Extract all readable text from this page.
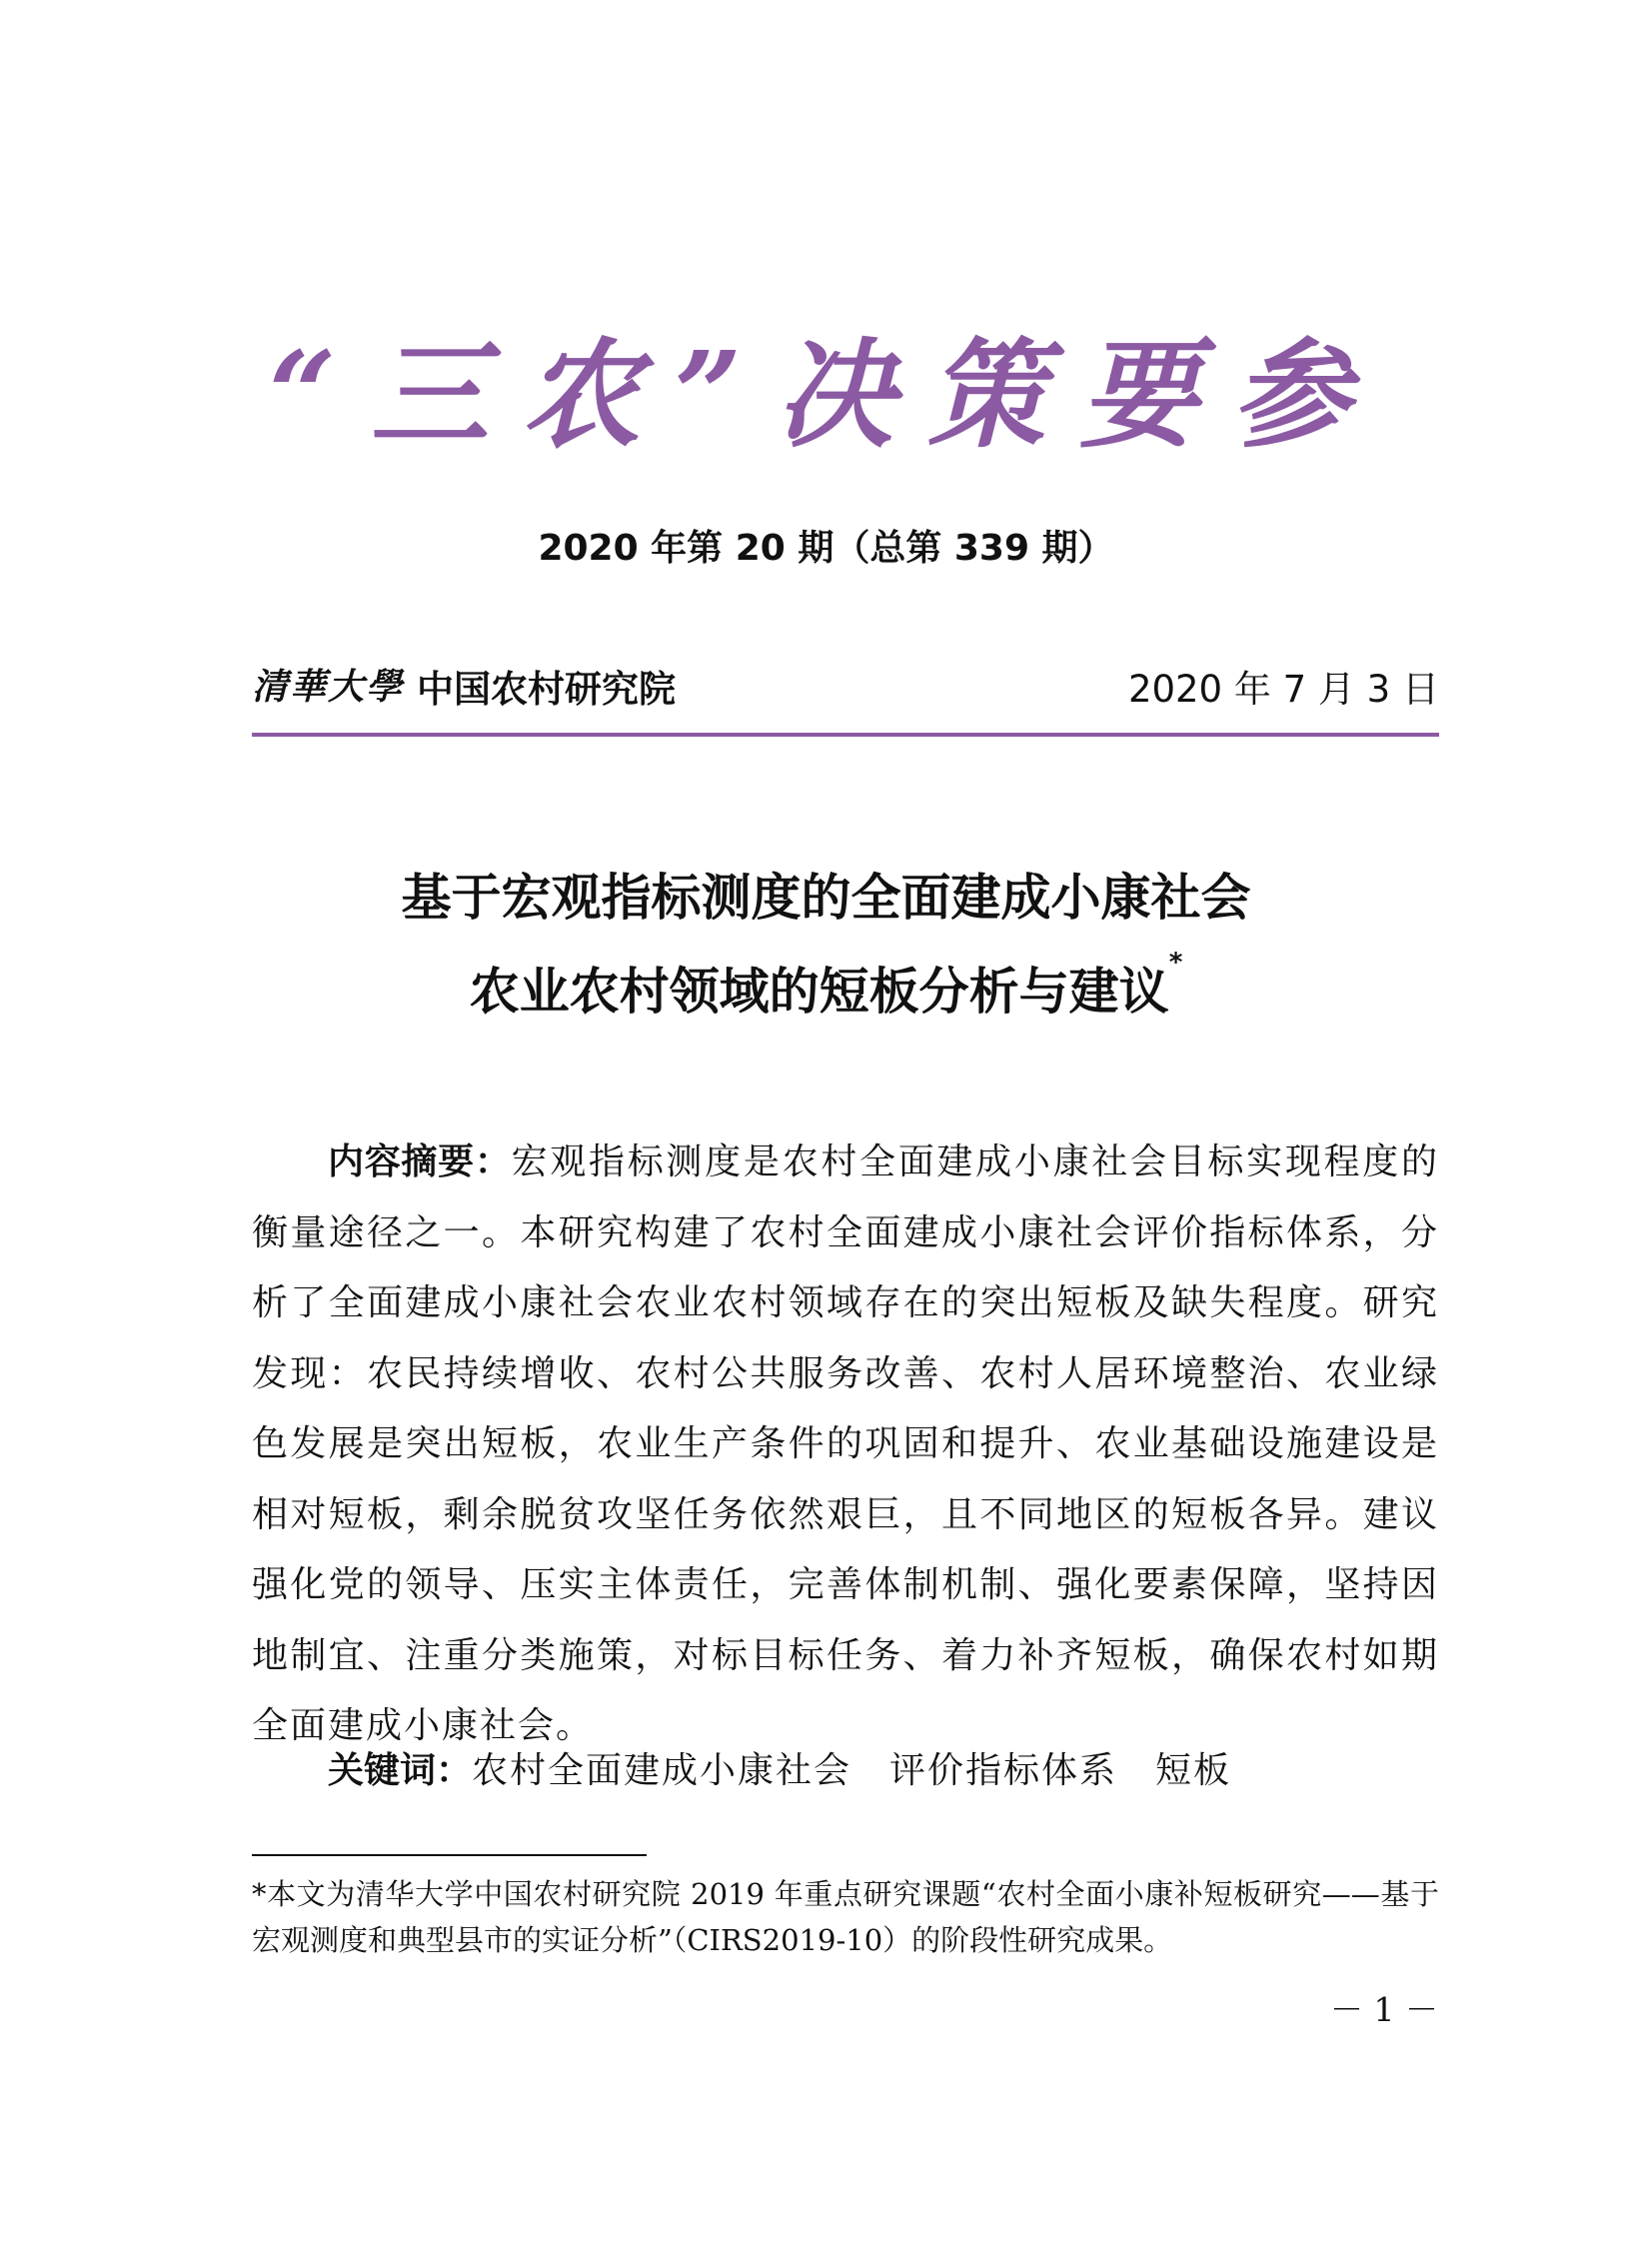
“三农”决策要参
2020 年第 20 期（总第 339 期）
清華大學 中国农村研究院	2020 年 7 月 3 日
基于宏观指标测度的全面建成小康社会
农业农村领域的短板分析与建议*

内容摘要：宏观指标测度是农村全面建成小康社会目标实现程度的衡量途径之一。本研究构建了农村全面建成小康社会评价指标体系，分析了全面建成小康社会农业农村领域存在的突出短板及缺失程度。研究发现：农民持续增收、农村公共服务改善、农村人居环境整治、农业绿色发展是突出短板，农业生产条件的巩固和提升、农业基础设施建设是相对短板，剩余脱贫攻坚任务依然艰巨，且不同地区的短板各异。建议强化党的领导、压实主体责任，完善体制机制、强化要素保障，坚持因地制宜、注重分类施策，对标目标任务、着力补齐短板，确保农村如期全面建成小康社会。

关键词：农村全面建成小康社会 评价指标体系 短板

*本文为清华大学中国农村研究院 2019 年重点研究课题“农村全面小康补短板研究——基于宏观测度和典型县市的实证分析”（CIRS2019-10）的阶段性研究成果。

－ 1 －
